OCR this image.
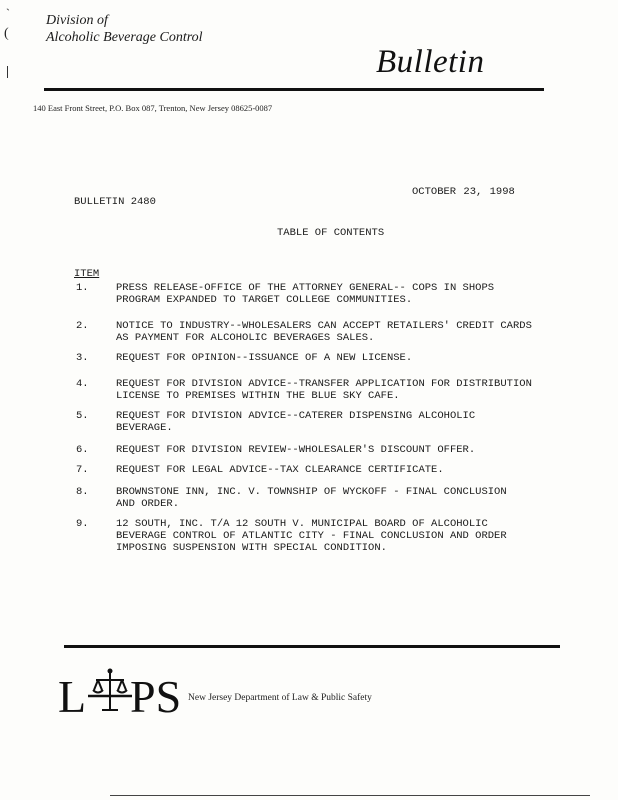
ˋ
(
Division of
Alcoholic Beverage Control
Bulletin
140 East Front Street, P.O. Box 087, Trenton, New Jersey 08625-0087
BULLETIN 2480
OCTOBER 23, 1998
TABLE OF CONTENTS
ITEM
1.	PRESS RELEASE-OFFICE OF THE ATTORNEY GENERAL-- COPS IN SHOPS
PROGRAM EXPANDED TO TARGET COLLEGE COMMUNITIES.
2.	NOTICE TO INDUSTRY--WHOLESALERS CAN ACCEPT RETAILERS' CREDIT CARDS
AS PAYMENT FOR ALCOHOLIC BEVERAGES SALES.
3.	REQUEST FOR OPINION--ISSUANCE OF A NEW LICENSE.
4.	REQUEST FOR DIVISION ADVICE--TRANSFER APPLICATION FOR DISTRIBUTION
LICENSE TO PREMISES WITHIN THE BLUE SKY CAFE.
5.	REQUEST FOR DIVISION ADVICE--CATERER DISPENSING ALCOHOLIC
BEVERAGE.
6.	REQUEST FOR DIVISION REVIEW--WHOLESALER'S DISCOUNT OFFER.
7.	REQUEST FOR LEGAL ADVICE--TAX CLEARANCE CERTIFICATE.
8.	BROWNSTONE INN, INC. V. TOWNSHIP OF WYCKOFF - FINAL CONCLUSION
AND ORDER.
9.	12 SOUTH, INC. T/A 12 SOUTH V. MUNICIPAL BOARD OF ALCOHOLIC
BEVERAGE CONTROL OF ATLANTIC CITY - FINAL CONCLUSION AND ORDER
IMPOSING SUSPENSION WITH SPECIAL CONDITION.
L PS New Jersey Department of Law & Public Safety
